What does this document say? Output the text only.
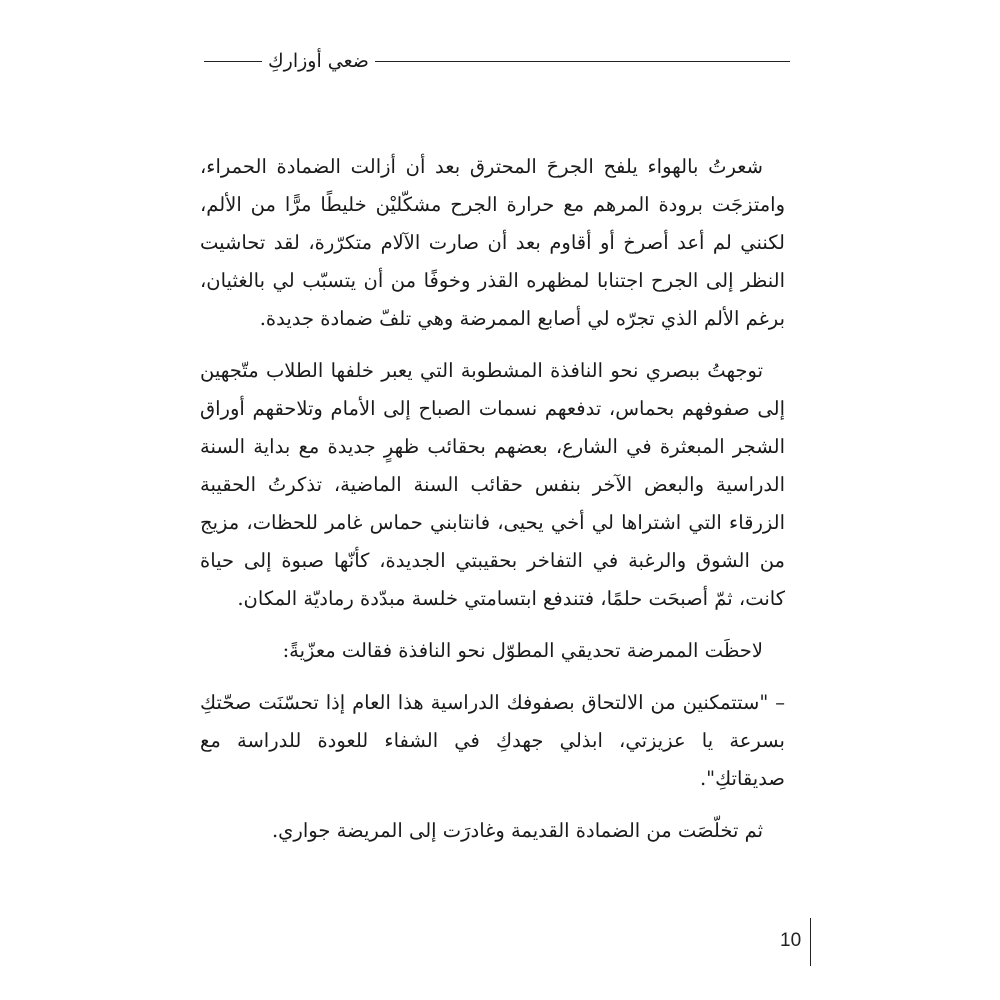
ضعي أوزاركِ

شعرتُ بالهواء يلفح الجرحَ المحترق بعد أن أزالت الضمادة الحمراء، وامتزجَت برودة المرهم مع حرارة الجرح مشكّليْن خليطًا مرًّا من الألم، لكنني لم أعد أصرخ أو أقاوم بعد أن صارت الآلام متكرّرة، لقد تحاشيت النظر إلى الجرح اجتنابا لمظهره القذر وخوفًا من أن يتسبّب لي بالغثيان، برغم الألم الذي تجرّه لي أصابع الممرضة وهي تلفّ ضمادة جديدة.

توجهتُ ببصري نحو النافذة المشطوبة التي يعبر خلفها الطلاب متّجهين إلى صفوفهم بحماس، تدفعهم نسمات الصباح إلى الأمام وتلاحقهم أوراق الشجر المبعثرة في الشارع، بعضهم بحقائب ظهرٍ جديدة مع بداية السنة الدراسية والبعض الآخر بنفس حقائب السنة الماضية، تذكرتُ الحقيبة الزرقاء التي اشتراها لي أخي يحيى، فانتابني حماس غامر للحظات، مزيج من الشوق والرغبة في التفاخر بحقيبتي الجديدة، كأنّها صبوة إلى حياة كانت، ثمّ أصبحَت حلمًا، فتندفع ابتسامتي خلسة مبدّدة رماديّة المكان.

لاحظَت الممرضة تحديقي المطوّل نحو النافذة فقالت معزّيةً:

– "ستتمكنين من الالتحاق بصفوفك الدراسية هذا العام إذا تحسّنَت صحّتكِ بسرعة يا عزيزتي، ابذلي جهدكِ في الشفاء للعودة للدراسة مع صديقاتكِ".

ثم تخلّصَت من الضمادة القديمة وغادرَت إلى المريضة جواري.

10
